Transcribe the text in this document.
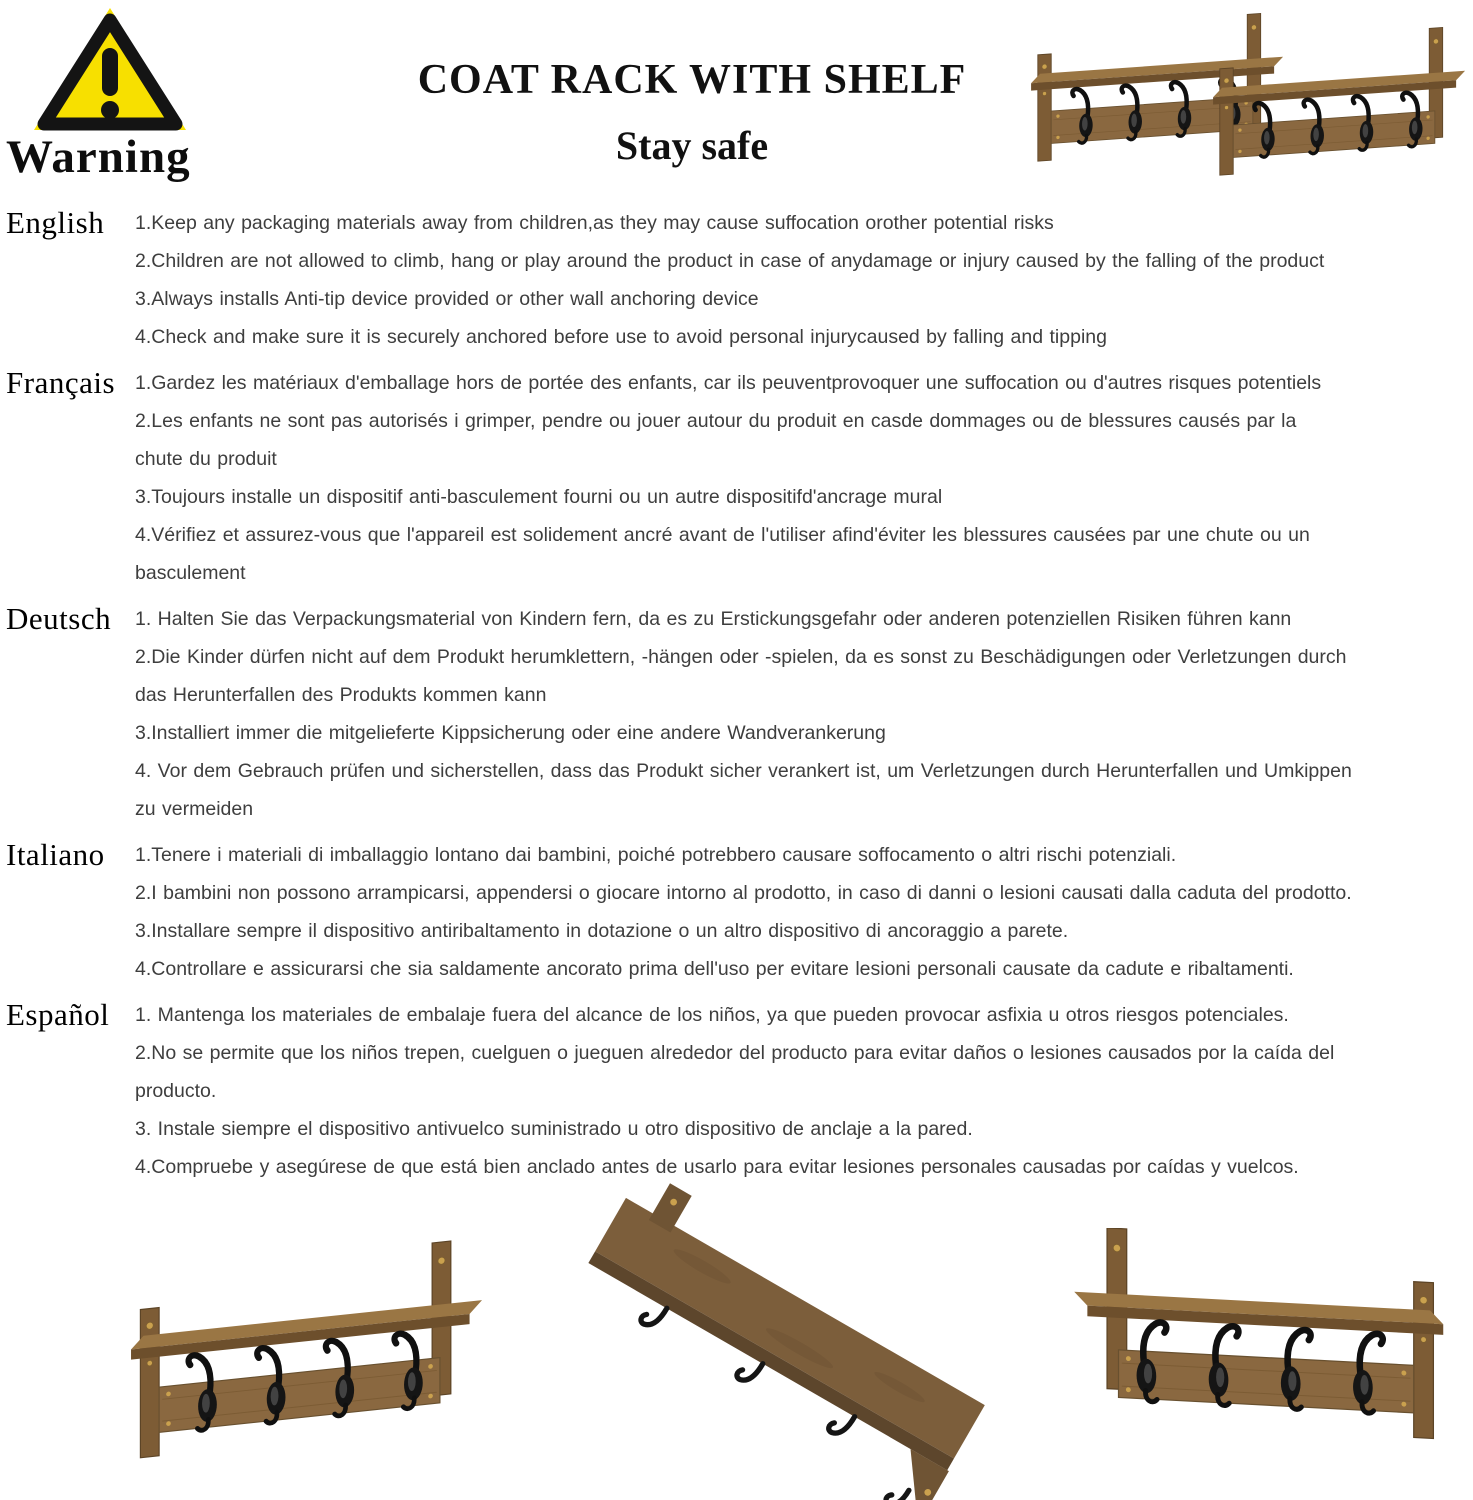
Warning
COAT RACK WITH SHELF
Stay safe
English	1.Keep any packaging materials away from children,as they may cause suffocation orother potential risks

2.Children are not allowed to climb, hang or play around the product in case of anydamage or injury caused by the falling of the product

3.Always installs Anti-tip device provided or other wall anchoring device

4.Check and make sure it is securely anchored before use to avoid personal injurycaused by falling and tipping

Français	1.Gardez les matériaux d'emballage hors de portée des enfants, car ils peuventprovoquer une suffocation ou d'autres risques potentiels

2.Les enfants ne sont pas autorisés i grimper, pendre ou jouer autour du produit en casde dommages ou de blessures causés par la

chute du produit

3.Toujours installe un dispositif anti-basculement fourni ou un autre dispositifd'ancrage mural

4.Vérifiez et assurez-vous que l'appareil est solidement ancré avant de l'utiliser afind'éviter les blessures causées par une chute ou un

basculement

Deutsch	1. Halten Sie das Verpackungsmaterial von Kindern fern, da es zu Erstickungsgefahr oder anderen potenziellen Risiken führen kann

2.Die Kinder dürfen nicht auf dem Produkt herumklettern, -hängen oder -spielen, da es sonst zu Beschädigungen oder Verletzungen durch

das Herunterfallen des Produkts kommen kann

3.Installiert immer die mitgelieferte Kippsicherung oder eine andere Wandverankerung

4. Vor dem Gebrauch prüfen und sicherstellen, dass das Produkt sicher verankert ist, um Verletzungen durch Herunterfallen und Umkippen

zu vermeiden

Italiano	1.Tenere i materiali di imballaggio lontano dai bambini, poiché potrebbero causare soffocamento o altri rischi potenziali.

2.I bambini non possono arrampicarsi, appendersi o giocare intorno al prodotto, in caso di danni o lesioni causati dalla caduta del prodotto.

3.Installare sempre il dispositivo antiribaltamento in dotazione o un altro dispositivo di ancoraggio a parete.

4.Controllare e assicurarsi che sia saldamente ancorato prima dell'uso per evitare lesioni personali causate da cadute e ribaltamenti.

Español	1. Mantenga los materiales de embalaje fuera del alcance de los niños, ya que pueden provocar asfixia u otros riesgos potenciales.

2.No se permite que los niños trepen, cuelguen o jueguen alrededor del producto para evitar daños o lesiones causados por la caída del

producto.

3. Instale siempre el dispositivo antivuelco suministrado u otro dispositivo de anclaje a la pared.

4.Compruebe y asegúrese de que está bien anclado antes de usarlo para evitar lesiones personales causadas por caídas y vuelcos.
